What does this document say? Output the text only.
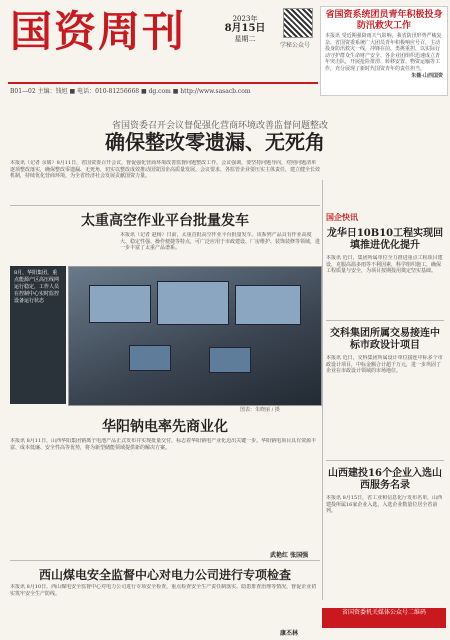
国资周刊	2023年
8月15日
星期二
学秘公众号
省国资系统团员青年积极投身防汛救灾工作

本报讯 受近期强降雨天气影响，我省防汛形势严峻复杂。省国资委系统广大团员青年积极响应号召，主动投身防汛救灾一线，冲锋在前、勇挑重担，以实际行动守护群众生命财产安全。各企业团组织迅速成立青年突击队，开展抢险排涝、转移安置、物资运输等工作，充分展现了新时代国资青年的责任担当。

朱薇·山西国资

B01—02 主编：钱旭 ■ 电话：010-81256668 ■ dg.com ■ http://www.sasacb.com
省国资委召开会议督促强化营商环境改善监督问题整改
确保整改零遗漏、无死角
本报讯（记者 余婧）8月11日，省国资委召开会议，督促强化营商环境改善监督问题整改工作。会议强调，要坚持问题导向，对照问题清单逐项整改落实，确保整改零遗漏、无死角，切实以整改成效推动国资国企高质量发展。会议要求，各监管企业要压实主体责任，建立健全长效机制，持续优化营商环境，为全省经济社会发展贡献国资力量。
国企快讯
龙华日10B10工程实现回填推进优化提升
本报讯 近日，集团所属单位全力推进重点工程项目建设，克服高温多雨等不利因素，科学组织施工，确保工程质量与安全，为项目按期投用奠定坚实基础。
交科集团所属交易接连中标市政设计项目
本报讯 近日，交科集团所属设计单位接连中标多个市政设计项目，中标金额合计超千万元，进一步巩固了企业在市政设计领域的市场地位。
山西建投16个企业入选山西服务名录
本报讯 8月15日，省工业和信息化厅发布名单，山西建投所属16家企业入选，入选企业数量位居全省前列。
省国资委机关媒体公众号二维码
太重高空作业平台批量发车
本报讯（记者 赵杨）日前，太重首批高空作业平台批量发车。该系列产品具有作业高度大、稳定性强、操作便捷等特点，可广泛应用于市政建设、厂房维护、装饰装修等领域，进一步丰富了太重产品谱系。
8月，华阳集团，重点能源产区高压线网运行稳定，工作人员在控制中心实时监控设备运行状态
图表：朱晓丽 / 摄
华阳钠电率先商业化
本报讯 8月11日，山西华阳集团钠离子电池产品正式发布并实现批量交付，标志着华阳钠电产业化迈出关键一步。华阳钠电项目具有资源丰富、成本低廉、安全性高等优势，将为新型储能领域提供新的解决方案。
武艳红 张国强
西山煤电安全监督中心对电力公司进行专项检查
本报讯 8月10日，西山煤电安全监督中心对电力公司进行专项安全检查，重点检查安全生产责任制落实、隐患排查治理等情况，督促企业切实筑牢安全生产防线。
康丕林
